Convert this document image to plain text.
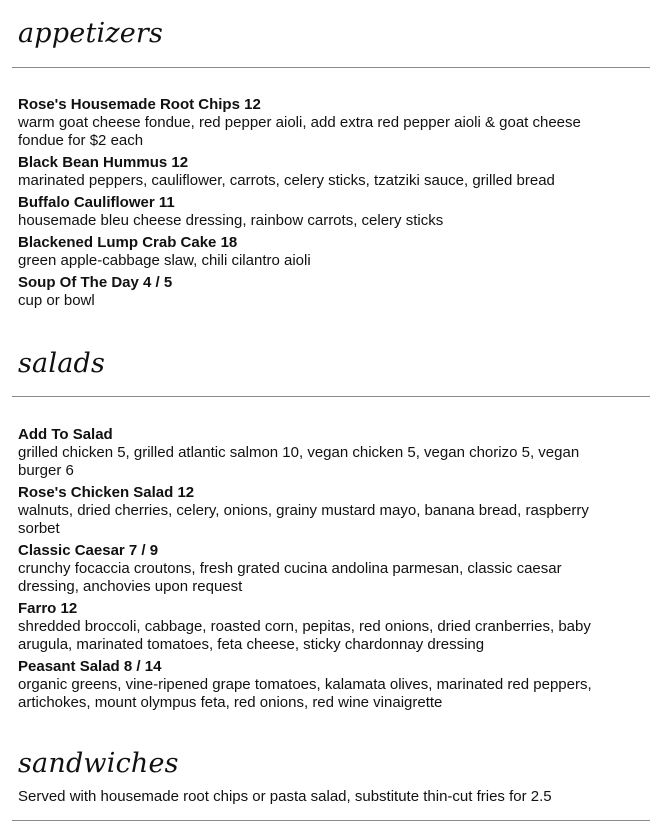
appetizers
Rose's Housemade Root Chips 12
warm goat cheese fondue, red pepper aioli, add extra red pepper aioli & goat cheese fondue for $2 each
Black Bean Hummus 12
marinated peppers, cauliflower, carrots, celery sticks, tzatziki sauce, grilled bread
Buffalo Cauliflower 11
housemade bleu cheese dressing, rainbow carrots, celery sticks
Blackened Lump Crab Cake 18
green apple-cabbage slaw, chili cilantro aioli
Soup Of The Day 4 / 5
cup or bowl
salads
Add To Salad
grilled chicken 5, grilled atlantic salmon 10, vegan chicken 5, vegan chorizo 5, vegan burger 6
Rose's Chicken Salad 12
walnuts, dried cherries, celery, onions, grainy mustard mayo, banana bread, raspberry sorbet
Classic Caesar 7 / 9
crunchy focaccia croutons, fresh grated cucina andolina parmesan, classic caesar dressing, anchovies upon request
Farro 12
shredded broccoli, cabbage, roasted corn, pepitas, red onions, dried cranberries, baby arugula, marinated tomatoes, feta cheese, sticky chardonnay dressing
Peasant Salad 8 / 14
organic greens, vine-ripened grape tomatoes, kalamata olives, marinated red peppers, artichokes, mount olympus feta, red onions, red wine vinaigrette
sandwiches
Served with housemade root chips or pasta salad, substitute thin-cut fries for 2.5
